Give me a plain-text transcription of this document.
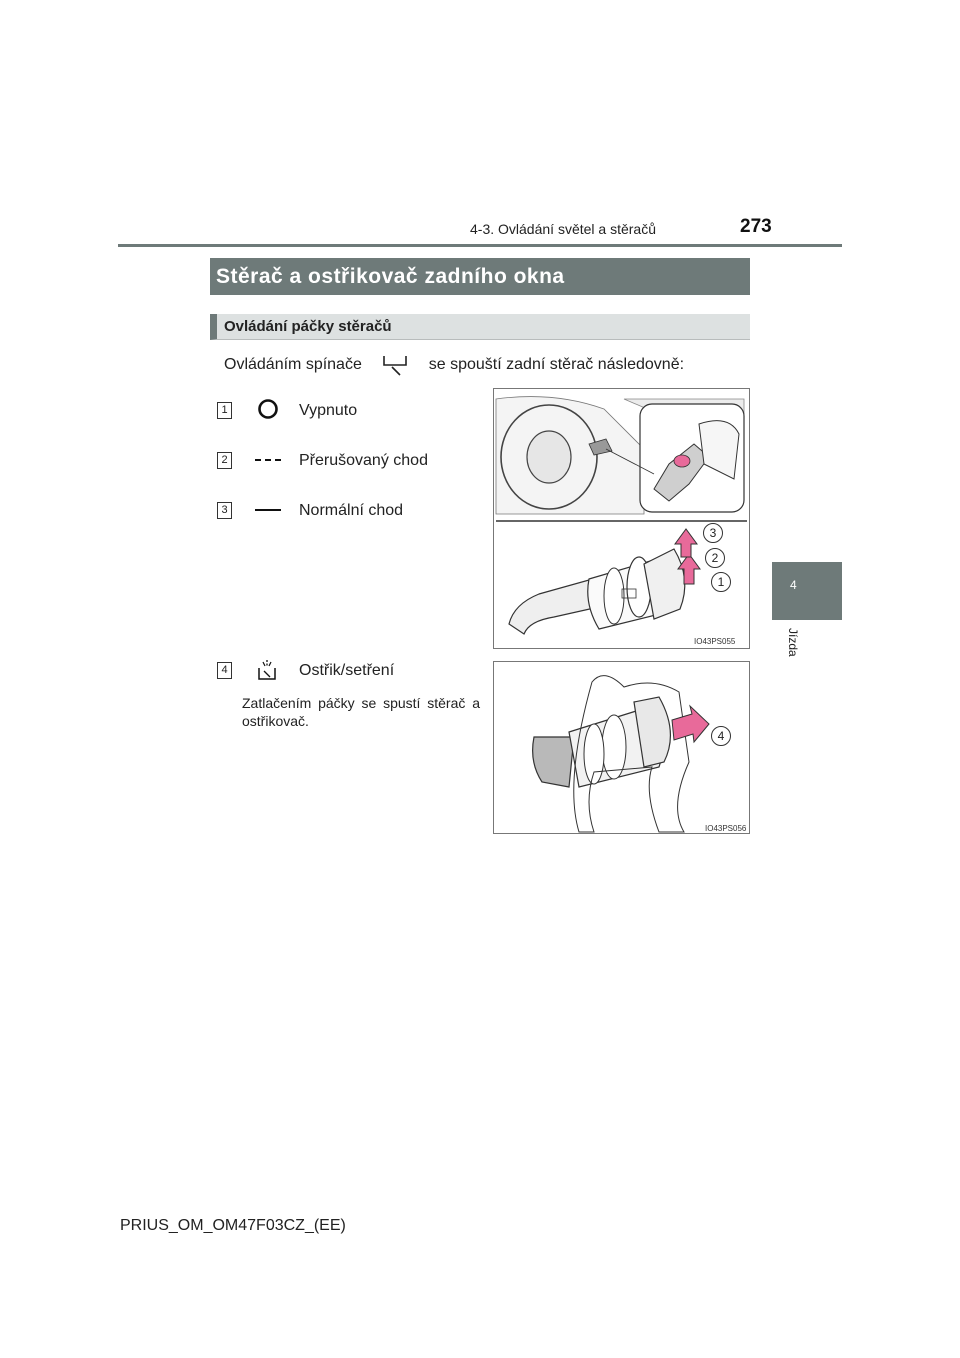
4-3. Ovládání světel a stěračů	273
4
Jízda
Stěrač a ostřikovač zadního okna
Ovládání páčky stěračů
Ovládáním spínače	se spouští zadní stěrač následovně:
1	Vypnuto
2	Přerušovaný chod
3	Normální chod
4	Ostřik/setření
Zatlačením páčky se spustí stěrač a ostřikovač.
3
2
1
IO43PS055
4
IO43PS056
PRIUS_OM_OM47F03CZ_(EE)
